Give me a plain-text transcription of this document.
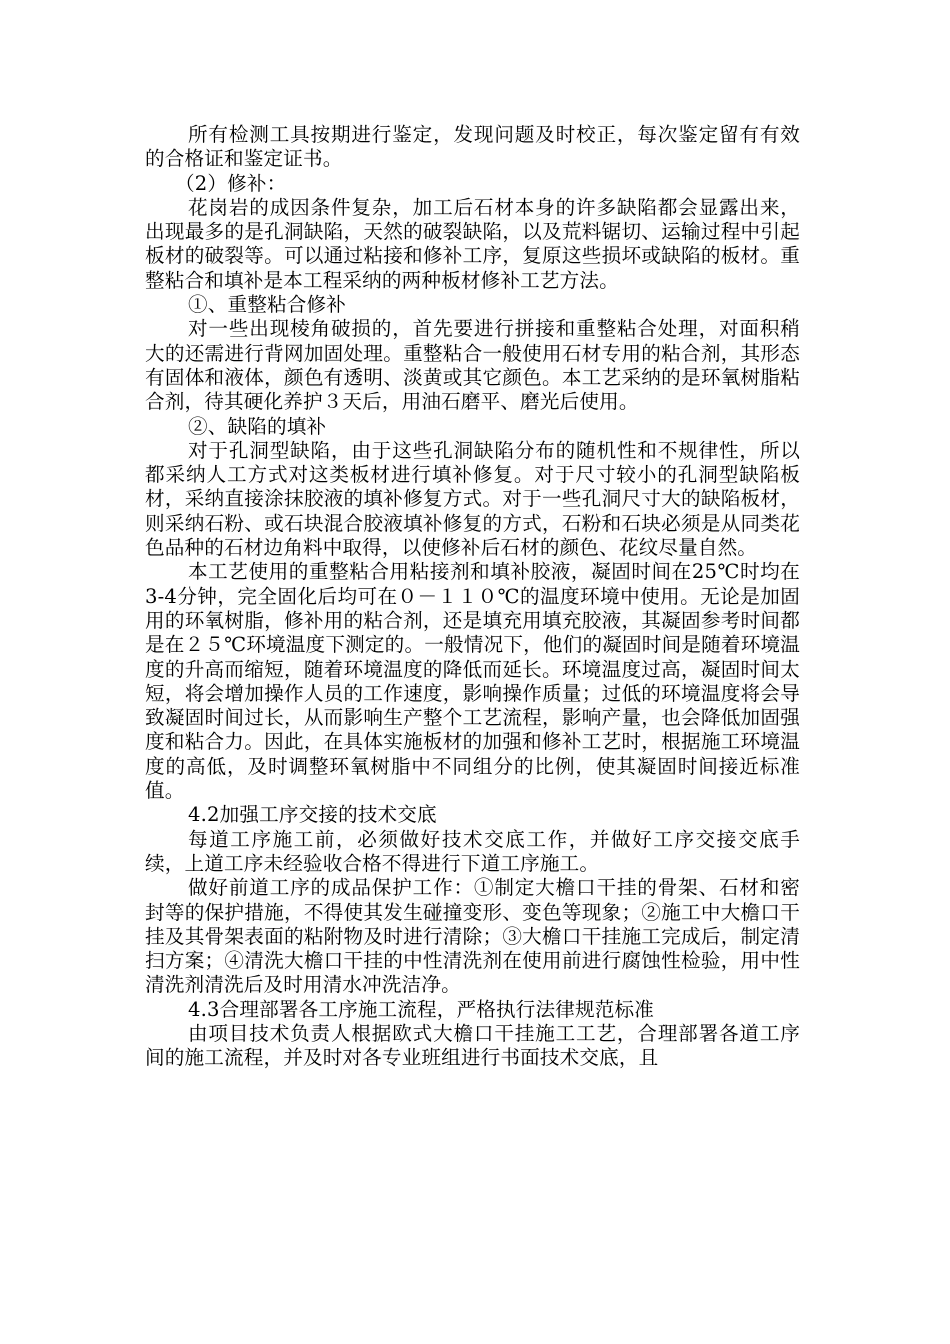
所有检测工具按期进行鉴定，发现问题及时校正，每次鉴定留有有效的合格证和鉴定证书。

（2）修补：

花岗岩的成因条件复杂，加工后石材本身的许多缺陷都会显露出来，出现最多的是孔洞缺陷，天然的破裂缺陷，以及荒料锯切、运输过程中引起板材的破裂等。可以通过粘接和修补工序，复原这些损坏或缺陷的板材。重整粘合和填补是本工程采纳的两种板材修补工艺方法。

①、重整粘合修补

对一些出现棱角破损的，首先要进行拼接和重整粘合处理，对面积稍大的还需进行背网加固处理。重整粘合一般使用石材专用的粘合剂，其形态有固体和液体，颜色有透明、淡黄或其它颜色。本工艺采纳的是环氧树脂粘合剂，待其硬化养护３天后，用油石磨平、磨光后使用。

②、缺陷的填补

对于孔洞型缺陷，由于这些孔洞缺陷分布的随机性和不规律性，所以都采纳人工方式对这类板材进行填补修复。对于尺寸较小的孔洞型缺陷板材，采纳直接涂抹胶液的填补修复方式。对于一些孔洞尺寸大的缺陷板材，则采纳石粉、或石块混合胶液填补修复的方式，石粉和石块必须是从同类花色品种的石材边角料中取得，以使修补后石材的颜色、花纹尽量自然。

本工艺使用的重整粘合用粘接剂和填补胶液，凝固时间在25℃时均在3-4分钟，完全固化后均可在０－１１０℃的温度环境中使用。无论是加固用的环氧树脂，修补用的粘合剂，还是填充用填充胶液，其凝固参考时间都是在２５℃环境温度下测定的。一般情况下，他们的凝固时间是随着环境温度的升高而缩短，随着环境温度的降低而延长。环境温度过高，凝固时间太短，将会增加操作人员的工作速度，影响操作质量；过低的环境温度将会导致凝固时间过长，从而影响生产整个工艺流程，影响产量，也会降低加固强度和粘合力。因此，在具体实施板材的加强和修补工艺时，根据施工环境温度的高低，及时调整环氧树脂中不同组分的比例，使其凝固时间接近标准值。

4.2加强工序交接的技术交底

每道工序施工前，必须做好技术交底工作，并做好工序交接交底手续，上道工序未经验收合格不得进行下道工序施工。

做好前道工序的成品保护工作：①制定大檐口干挂的骨架、石材和密封等的保护措施，不得使其发生碰撞变形、变色等现象；②施工中大檐口干挂及其骨架表面的粘附物及时进行清除；③大檐口干挂施工完成后，制定清扫方案；④清洗大檐口干挂的中性清洗剂在使用前进行腐蚀性检验，用中性清洗剂清洗后及时用清水冲洗洁净。

4.3合理部署各工序施工流程，严格执行法律规范标准

由项目技术负责人根据欧式大檐口干挂施工工艺，合理部署各道工序间的施工流程，并及时对各专业班组进行书面技术交底，且
